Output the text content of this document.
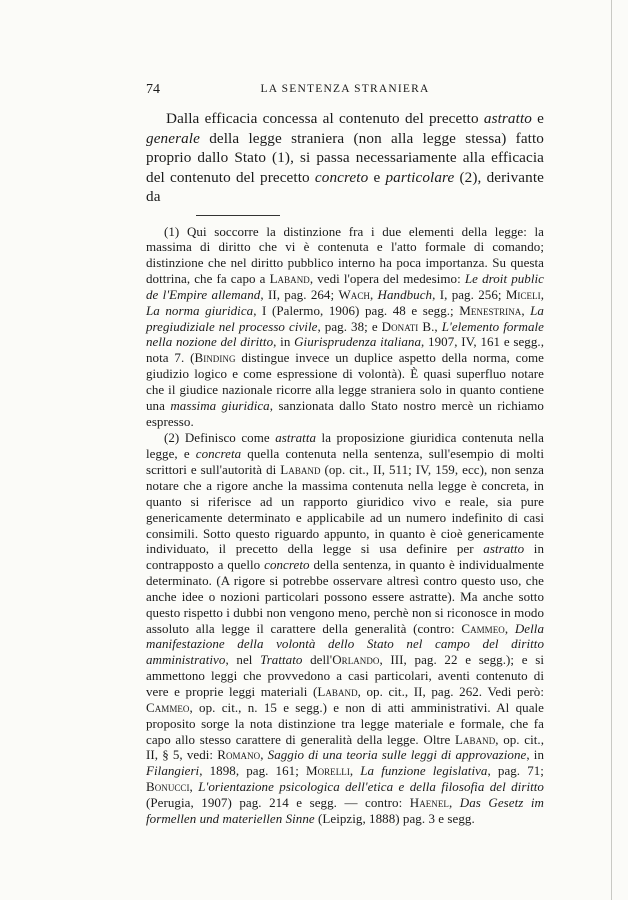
74	LA SENTENZA STRANIERA

Dalla efficacia concessa al contenuto del precetto astratto e generale della legge straniera (non alla legge stessa) fatto proprio dallo Stato (1), si passa necessariamente alla efficacia del contenuto del precetto concreto e particolare (2), derivante da

(1) Qui soccorre la distinzione fra i due elementi della legge: la massima di diritto che vi è contenuta e l'atto formale di comando; distinzione che nel diritto pubblico interno ha poca importanza. Su questa dottrina, che fa capo a Laband, vedi l'opera del medesimo: Le droit public de l'Empire allemand, II, pag. 264; Wach, Handbuch, I, pag. 256; Miceli, La norma giuridica, I (Palermo, 1906) pag. 48 e segg.; Menestrina, La pregiudiziale nel processo civile, pag. 38; e Donati B., L'elemento formale nella nozione del diritto, in Giurisprudenza italiana, 1907, IV, 161 e segg., nota 7. (Binding distingue invece un duplice aspetto della norma, come giudizio logico e come espressione di volontà). È quasi superfluo notare che il giudice nazionale ricorre alla legge straniera solo in quanto contiene una massima giuridica, sanzionata dallo Stato nostro mercè un richiamo espresso.

(2) Definisco come astratta la proposizione giuridica contenuta nella legge, e concreta quella contenuta nella sentenza, sull'esempio di molti scrittori e sull'autorità di Laband (op. cit., II, 511; IV, 159, ecc), non senza notare che a rigore anche la massima contenuta nella legge è concreta, in quanto si riferisce ad un rapporto giuridico vivo e reale, sia pure genericamente determinato e applicabile ad un numero indefinito di casi consimili. Sotto questo riguardo appunto, in quanto è cioè genericamente individuato, il precetto della legge si usa definire per astratto in contrapposto a quello concreto della sentenza, in quanto è individualmente determinato. (A rigore si potrebbe osservare altresì contro questo uso, che anche idee o nozioni particolari possono essere astratte). Ma anche sotto questo rispetto i dubbi non vengono meno, perchè non si riconosce in modo assoluto alla legge il carattere della generalità (contro: Cammeo, Della manifestazione della volontà dello Stato nel campo del diritto amministrativo, nel Trattato dell'Orlando, III, pag. 22 e segg.); e si ammettono leggi che provvedono a casi particolari, aventi contenuto di vere e proprie leggi materiali (Laband, op. cit., II, pag. 262. Vedi però: Cammeo, op. cit., n. 15 e segg.) e non di atti amministrativi. Al quale proposito sorge la nota distinzione tra legge materiale e formale, che fa capo allo stesso carattere di generalità della legge. Oltre Laband, op. cit., II, § 5, vedi: Romano, Saggio di una teoria sulle leggi di approvazione, in Filangieri, 1898, pag. 161; Morelli, La funzione legislativa, pag. 71; Bonucci, L'orientazione psicologica dell'etica e della filosofia del diritto (Perugia, 1907) pag. 214 e segg. — contro: Haenel, Das Gesetz im formellen und materiellen Sinne (Leipzig, 1888) pag. 3 e segg.
